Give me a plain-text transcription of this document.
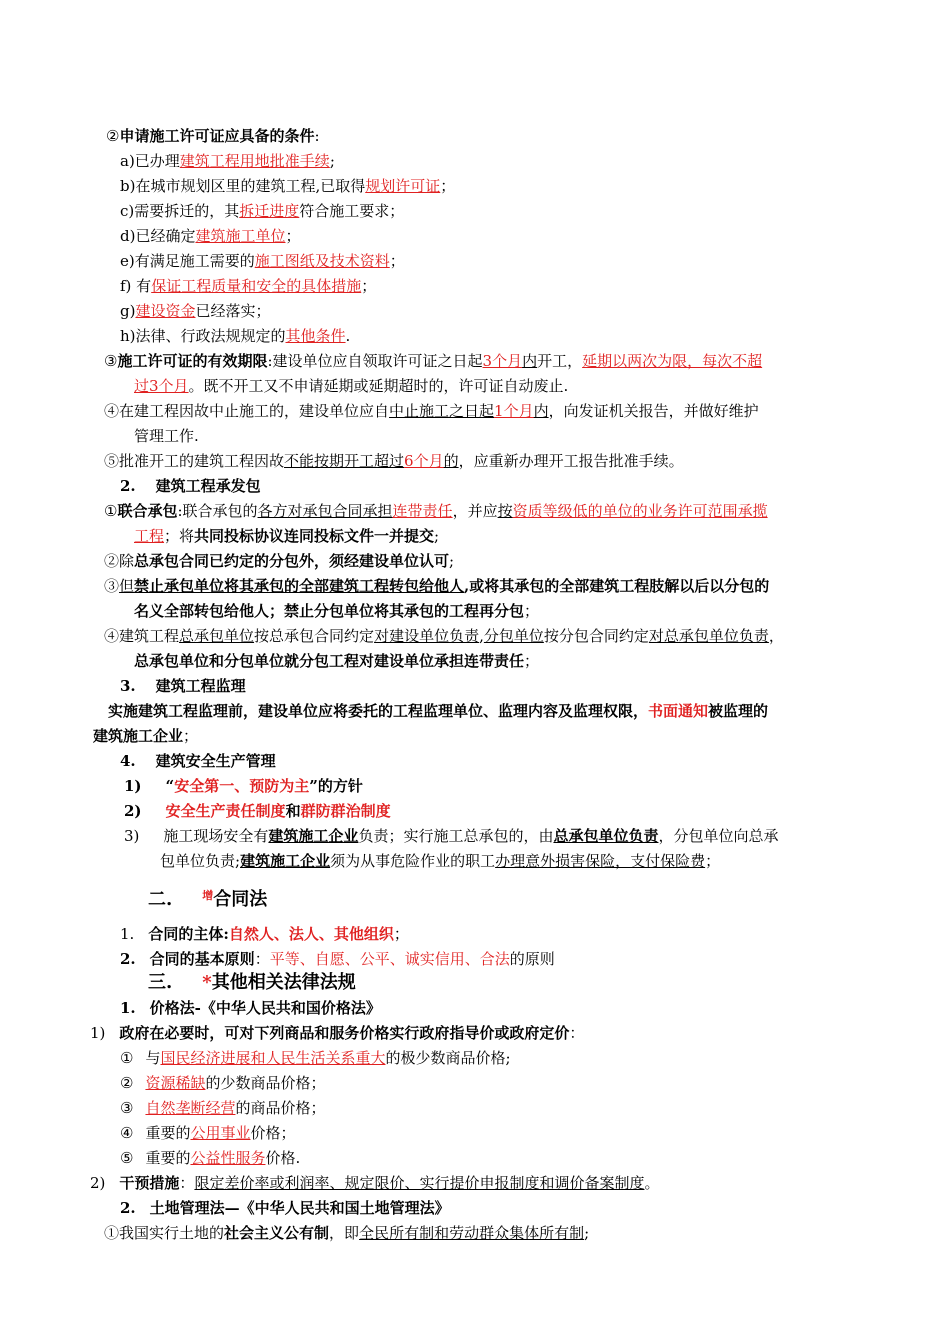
②申请施工许可证应具备的条件:
a)已办理建筑工程用地批准手续;
b)在城市规划区里的建筑工程,已取得规划许可证；
c)需要拆迁的，其拆迁进度符合施工要求；
d)已经确定建筑施工单位；
e)有满足施工需要的施工图纸及技术资料；
f) 有保证工程质量和安全的具体措施；
g)建设资金已经落实；
h)法律、行政法规规定的其他条件.
③施工许可证的有效期限:建设单位应自领取许可证之日起3个月内开工，延期以两次为限，每次不超
过3个月。既不开工又不申请延期或延期超时的，许可证自动废止.
④在建工程因故中止施工的，建设单位应自中止施工之日起1个月内，向发证机关报告，并做好维护
管理工作.
⑤批准开工的建筑工程因故不能按期开工超过6个月的，应重新办理开工报告批准手续。
2. 建筑工程承发包
①联合承包:联合承包的各方对承包合同承担连带责任，并应按资质等级低的单位的业务许可范围承揽
工程；将共同投标协议连同投标文件一并提交;
②除总承包合同已约定的分包外，须经建设单位认可;
③但禁止承包单位将其承包的全部建筑工程转包给他人,或将其承包的全部建筑工程肢解以后以分包的
名义全部转包给他人；禁止分包单位将其承包的工程再分包；
④建筑工程总承包单位按总承包合同约定对建设单位负责,分包单位按分包合同约定对总承包单位负责，
总承包单位和分包单位就分包工程对建设单位承担连带责任；
3. 建筑工程监理
实施建筑工程监理前，建设单位应将委托的工程监理单位、监理内容及监理权限，书面通知被监理的
建筑施工企业；
4. 建筑安全生产管理
1) “安全第一、预防为主”的方针
2) 安全生产责任制度和群防群治制度
3) 施工现场安全有建筑施工企业负责；实行施工总承包的，由总承包单位负责，分包单位向总承
包单位负责;建筑施工企业须为从事危险作业的职工办理意外损害保险，支付保险费；
二.	$^增$合同法
1. 合同的主体:自然人、法人、其他组织；
2. 合同的基本原则：平等、自愿、公平、诚实信用、合法的原则
三. *其他相关法律法规
1. 价格法-《中华人民共和国价格法》
1) 政府在必要时，可对下列商品和服务价格实行政府指导价或政府定价：
① 与国民经济进展和人民生活关系重大的极少数商品价格;
② 资源稀缺的少数商品价格；
③ 自然垄断经营的商品价格；
④ 重要的公用事业价格；
⑤ 重要的公益性服务价格.
2) 干预措施：限定差价率或利润率、规定限价、实行提价申报制度和调价备案制度。
2. 土地管理法—《中华人民共和国土地管理法》
①我国实行土地的社会主义公有制，即全民所有制和劳动群众集体所有制;
